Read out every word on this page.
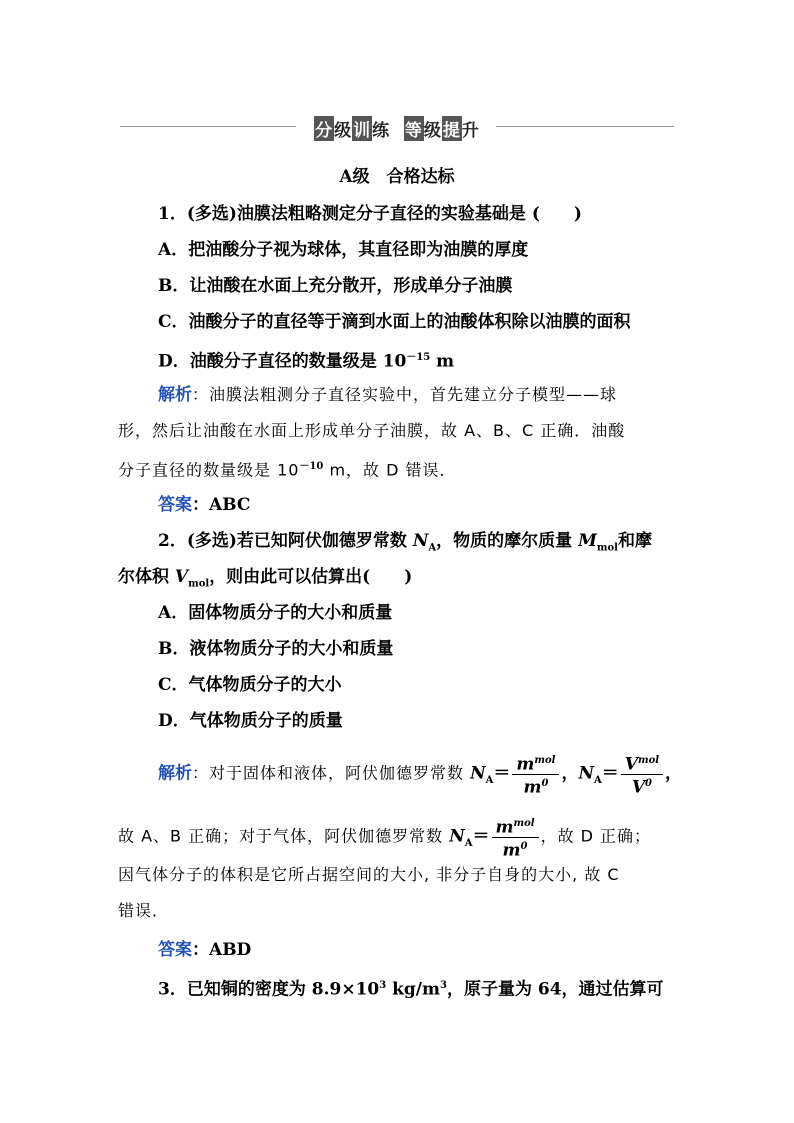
分级训练 等级提升
A级　合格达标
1．(多选)油膜法粗略测定分子直径的实验基础是 (　　)
A．把油酸分子视为球体，其直径即为油膜的厚度
B．让油酸在水面上充分散开，形成单分子油膜
C．油酸分子的直径等于滴到水面上的油酸体积除以油膜的面积
D．油酸分子直径的数量级是 $10^{-15}$ m
解析：油膜法粗测分子直径实验中，首先建立分子模型——球
形，然后让油酸在水面上形成单分子油膜，故 A、B、C 正确．油酸
分子直径的数量级是 $10^{-10}$ m，故 D 错误．
答案：ABC
2．(多选)若已知阿伏伽德罗常数 $N_A$，物质的摩尔质量 $M_{mol}$和摩
尔体积 $V_{mol}$，则由此可以估算出(　　)
A．固体物质分子的大小和质量
B．液体物质分子的大小和质量
C．气体物质分子的大小
D．气体物质分子的质量
解析：对于固体和液体，阿伏伽德罗常数 $N_A= \frac{m^{mol}}{m^0}$ ，$N_A= \frac{V^{mol}}{V^0}$ ，
故 A、B 正确；对于气体，阿伏伽德罗常数 $N_A= \frac{m^{mol}}{m^0}$ ，故 D 正确；
因气体分子的体积是它所占据空间的大小, 非分子自身的大小, 故 C
错误．
答案：ABD
3．已知铜的密度为 $8.9\times 10^3$ $kg/m^3$，原子量为 64，通过估算可
